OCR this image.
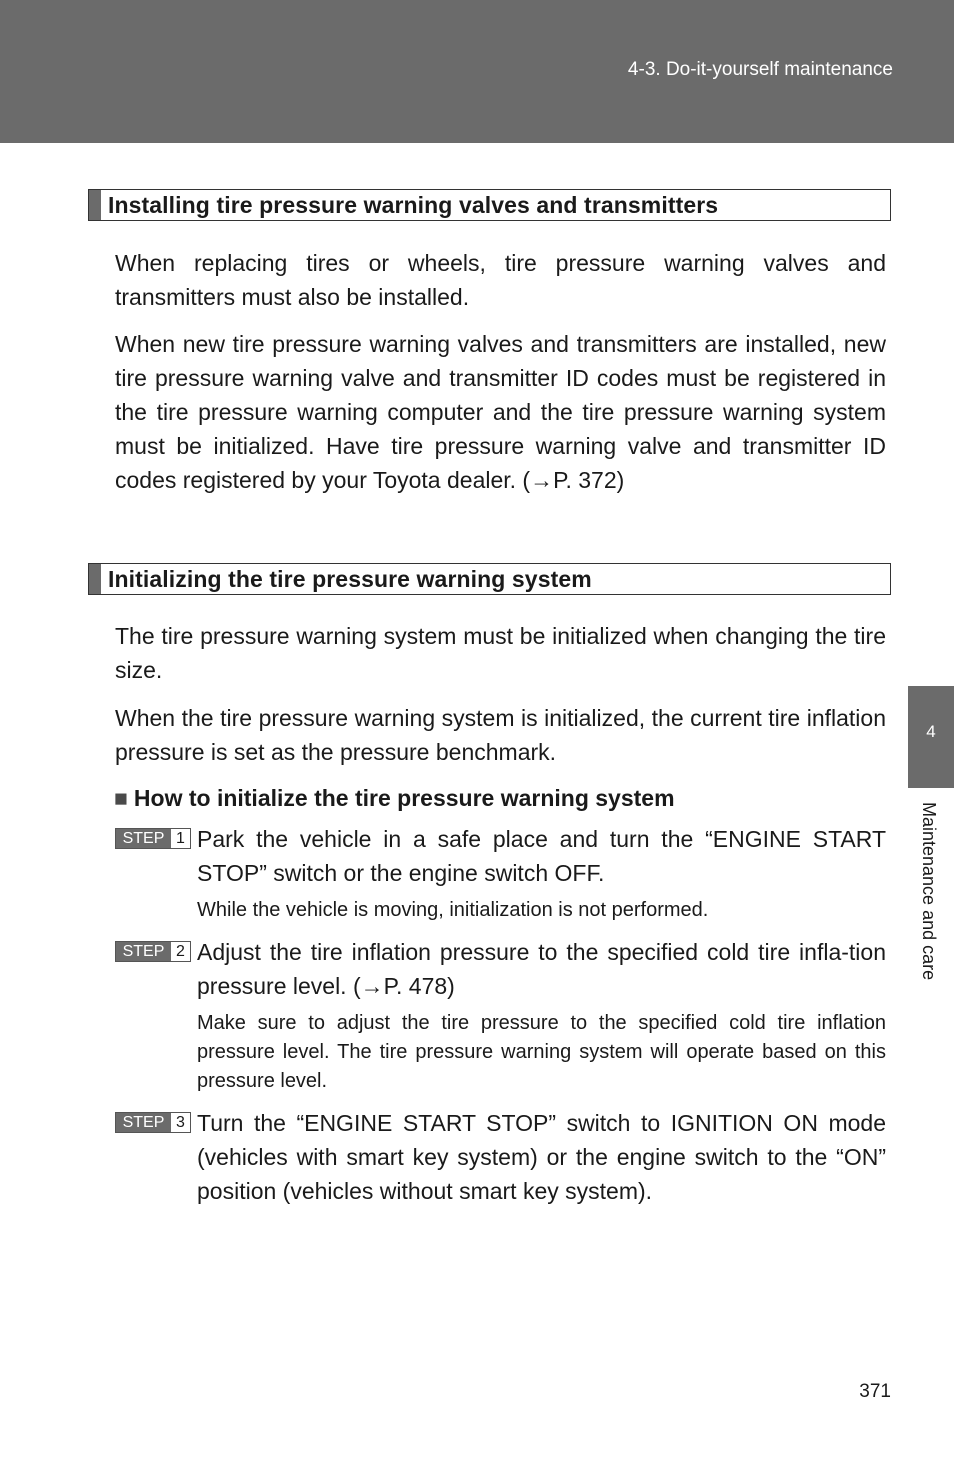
4-3. Do-it-yourself maintenance
4
Maintenance and care
Installing tire pressure warning valves and transmitters

When replacing tires or wheels, tire pressure warning valves and transmitters must also be installed.

When new tire pressure warning valves and transmitters are installed, new tire pressure warning valve and transmitter ID codes must be registered in the tire pressure warning computer and the tire pressure warning system must be initialized. Have tire pressure warning valve and transmitter ID codes registered by your Toyota dealer. (→P. 372)

Initializing the tire pressure warning system

The tire pressure warning system must be initialized when changing the tire size.

When the tire pressure warning system is initialized, the current tire inflation pressure is set as the pressure benchmark.

■ How to initialize the tire pressure warning system
STEP 1 Park the vehicle in a safe place and turn the “ENGINE START STOP” switch or the engine switch OFF.

While the vehicle is moving, initialization is not performed.

STEP 2 Adjust the tire inflation pressure to the specified cold tire infla-tion pressure level. (→P. 478)

Make sure to adjust the tire pressure to the specified cold tire inflation pressure level. The tire pressure warning system will operate based on this pressure level.

STEP 3 Turn the “ENGINE START STOP” switch to IGNITION ON mode (vehicles with smart key system) or the engine switch to the “ON” position (vehicles without smart key system).

371
